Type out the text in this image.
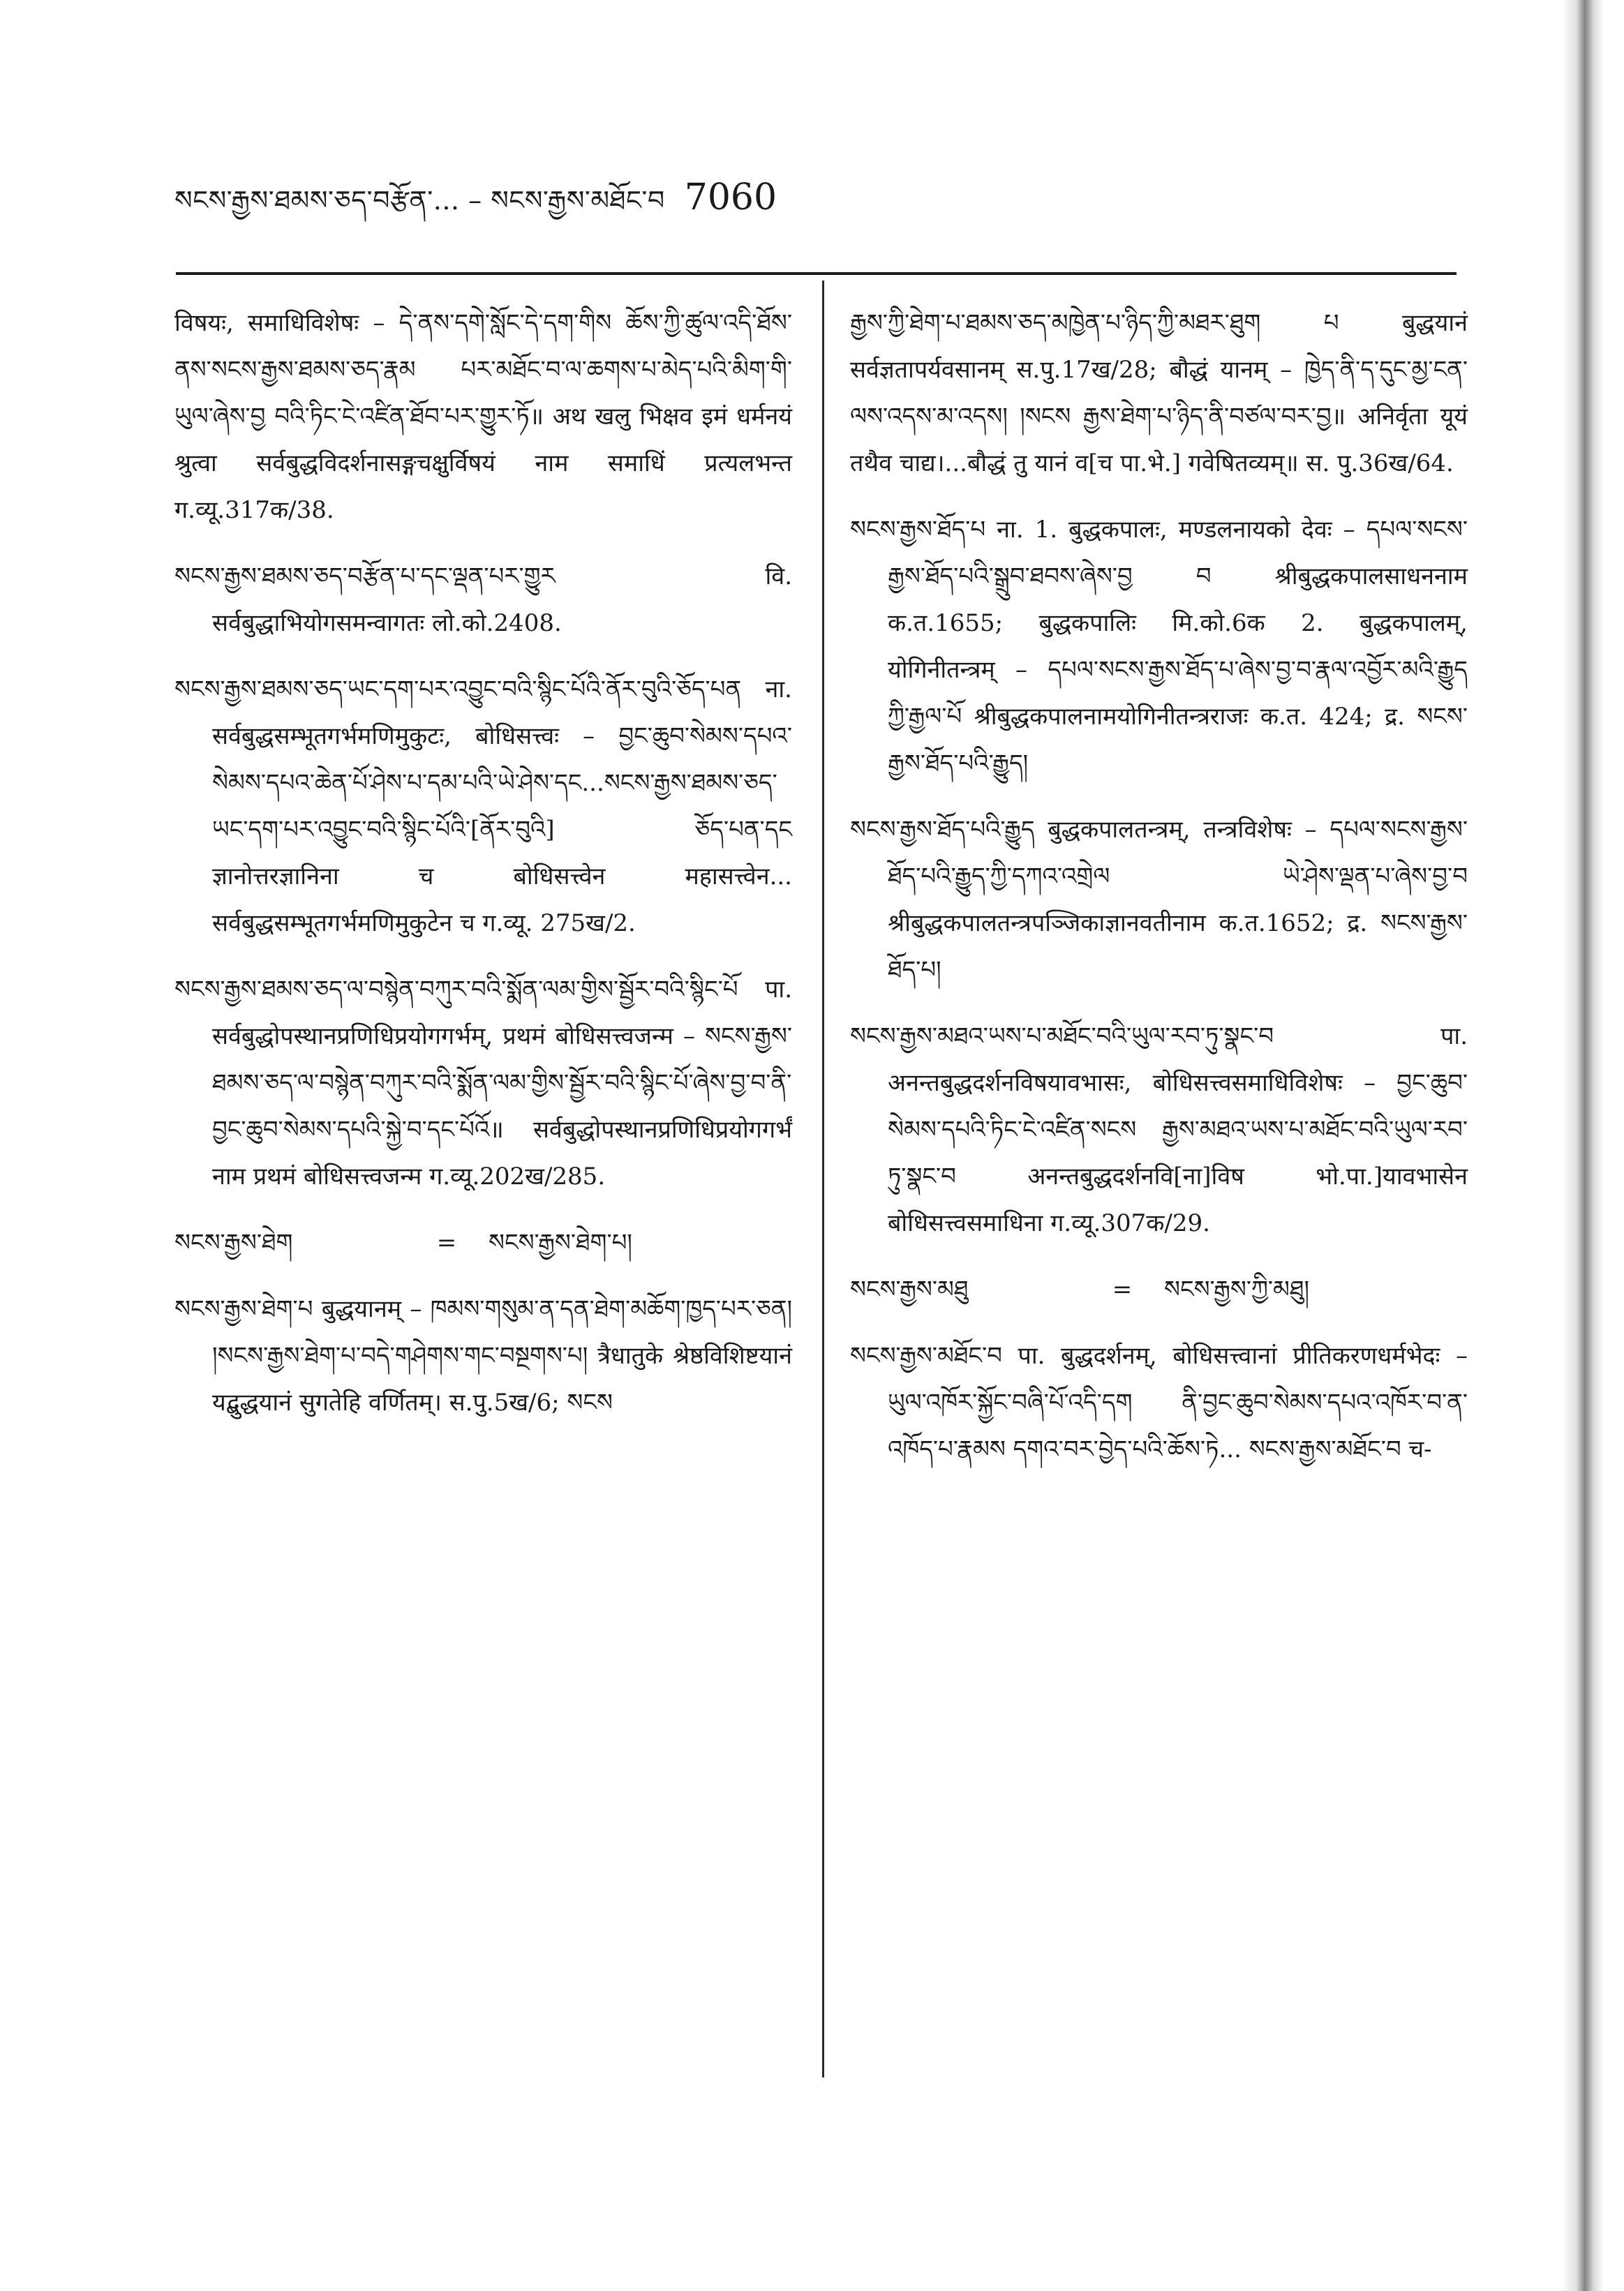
སངས་རྒྱས་ཐམས་ཅད་བརྩོན་... – སངས་རྒྱས་མཐོང་བ 7060

विषयः, समाधिविशेषः – དེ་ནས་དགེ་སློང་དེ་དག་གིས ཆོས་ཀྱི་ཚུལ་འདི་ཐོས་ནས་སངས་རྒྱས་ཐམས་ཅད་རྣམ པར་མཐོང་བ་ལ་ཆགས་པ་མེད་པའི་མིག་གི་ཡུལ་ཞེས་བྱ བའི་ཏིང་ངེ་འཛིན་ཐོབ་པར་གྱུར་ཏོ॥ अथ खलु भिक्षव इमं धर्मनयं श्रुत्वा सर्वबुद्धविदर्शनासङ्गचक्षुर्विषयं नाम समाधिं प्रत्यलभन्त ग.व्यू.317क/38.

སངས་རྒྱས་ཐམས་ཅད་བརྩོན་པ་དང་ལྡན་པར་གྱུར वि. सर्वबुद्धाभियोगसमन्वागतः लो.को.2408.

སངས་རྒྱས་ཐམས་ཅད་ཡང་དག་པར་འབྱུང་བའི་སྙིང་པོའི་ནོར་བུའི་ཅོད་པན ना. सर्वबुद्धसम्भूतगर्भमणिमुकुटः, बोधिसत्त्वः – བྱང་ཆུབ་སེམས་དཔའ་སེམས་དཔའ་ཆེན་པོ་ཤེས་པ་དམ་པའི་ཡེ་ཤེས་དང...སངས་རྒྱས་ཐམས་ཅད་ཡང་དག་པར་འབྱུང་བའི་སྙིང་པོའི་[ནོར་བུའི] ཅོད་པན་དང ज्ञानोत्तरज्ञानिना च बोधिसत्त्वेन महासत्त्वेन... सर्वबुद्धसम्भूतगर्भमणिमुकुटेन च ग.व्यू. 275ख/2.

སངས་རྒྱས་ཐམས་ཅད་ལ་བསྙེན་བཀུར་བའི་སྨོན་ལམ་གྱིས་སྦྱོར་བའི་སྙིང་པོ पा. सर्वबुद्धोपस्थानप्रणिधिप्रयोगगर्भम्, प्रथमं बोधिसत्त्वजन्म – སངས་རྒྱས་ཐམས་ཅད་ལ་བསྙེན་བཀུར་བའི་སྨོན་ལམ་གྱིས་སྦྱོར་བའི་སྙིང་པོ་ཞེས་བྱ་བ་ནི་བྱང་ཆུབ་སེམས་དཔའི་སྐྱེ་བ་དང་པོའོ॥ सर्वबुद्धोपस्थानप्रणिधिप्रयोगगर्भं नाम प्रथमं बोधिसत्त्वजन्म ग.व्यू.202ख/285.

སངས་རྒྱས་ཐེག	=	སངས་རྒྱས་ཐེག་པ།

སངས་རྒྱས་ཐེག་པ बुद्धयानम् – ཁམས་གསུམ་ན་དན་ཐེག་མཆོག་ཁྱད་པར་ཅན། །སངས་རྒྱས་ཐེག་པ་བདེ་གཤེགས་གང་བསྔགས་པ། त्रैधातुके श्रेष्ठविशिष्टयानं यद्बुद्धयानं सुगतेहि वर्णितम्। स.पु.5ख/6; སངས

རྒྱས་ཀྱི་ཐེག་པ་ཐམས་ཅད་མཁྱེན་པ་ཉིད་ཀྱི་མཐར་ཐུག པ बुद्धयानं सर्वज्ञतापर्यवसानम् स.पु.17ख/28; बौद्धं यानम् – ཁྱེད་ནི་ད་དུང་མྱ་ངན་ལས་འདས་མ་འདས། །སངས རྒྱས་ཐེག་པ་ཉིད་ནི་བཙལ་བར་བྱ॥ अनिर्वृता यूयं तथैव चाद्य।...बौद्धं तु यानं व[च पा.भे.] गवेषितव्यम्॥ स. पु.36ख/64.

སངས་རྒྱས་ཐོད་པ ना. 1. बुद्धकपालः, मण्डलनायको देवः – དཔལ་སངས་རྒྱས་ཐོད་པའི་སྒྲུབ་ཐབས་ཞེས་བྱ བ श्रीबुद्धकपालसाधननाम क.त.1655; बुद्धकपालिः मि.को.6क 2. बुद्धकपालम्, योगिनीतन्त्रम् – དཔལ་སངས་རྒྱས་ཐོད་པ་ཞེས་བྱ་བ་རྣལ་འབྱོར་མའི་རྒྱུད ཀྱི་རྒྱལ་པོ श्रीबुद्धकपालनामयोगिनीतन्त्रराजः क.त. 424; द्र. སངས་རྒྱས་ཐོད་པའི་རྒྱུད།

སངས་རྒྱས་ཐོད་པའི་རྒྱུད बुद्धकपालतन्त्रम्, तन्त्रविशेषः – དཔལ་སངས་རྒྱས་ཐོད་པའི་རྒྱུད་ཀྱི་དཀའ་འགྲེལ ཡེ་ཤེས་ལྡན་པ་ཞེས་བྱ་བ श्रीबुद्धकपालतन्त्रपञ्जिकाज्ञानवतीनाम क.त.1652; द्र. སངས་རྒྱས་ཐོད་པ།

སངས་རྒྱས་མཐའ་ཡས་པ་མཐོང་བའི་ཡུལ་རབ་ཏུ་སྣང་བ पा. अनन्तबुद्धदर्शनविषयावभासः, बोधिसत्त्वसमाधिविशेषः – བྱང་ཆུབ་སེམས་དཔའི་ཏིང་ངེ་འཛིན་སངས རྒྱས་མཐའ་ཡས་པ་མཐོང་བའི་ཡུལ་རབ་ཏུ་སྣང་བ अनन्तबुद्धदर्शनवि[ना]विष भो.पा.]यावभासेन बोधिसत्त्वसमाधिना ग.व्यू.307क/29.

སངས་རྒྱས་མཐུ	=	སངས་རྒྱས་ཀྱི་མཐུ།

སངས་རྒྱས་མཐོང་བ पा. बुद्धदर्शनम्, बोधिसत्त्वानां प्रीतिकरणधर्मभेदः – ཡུལ་འཁོར་སྐྱོང་བཞི་པོ་འདི་དག ནི་བྱང་ཆུབ་སེམས་དཔའ་འཁོར་བ་ན་འཁོད་པ་རྣམས དགའ་བར་བྱེད་པའི་ཆོས་ཏེ... སངས་རྒྱས་མཐོང་བ च-
